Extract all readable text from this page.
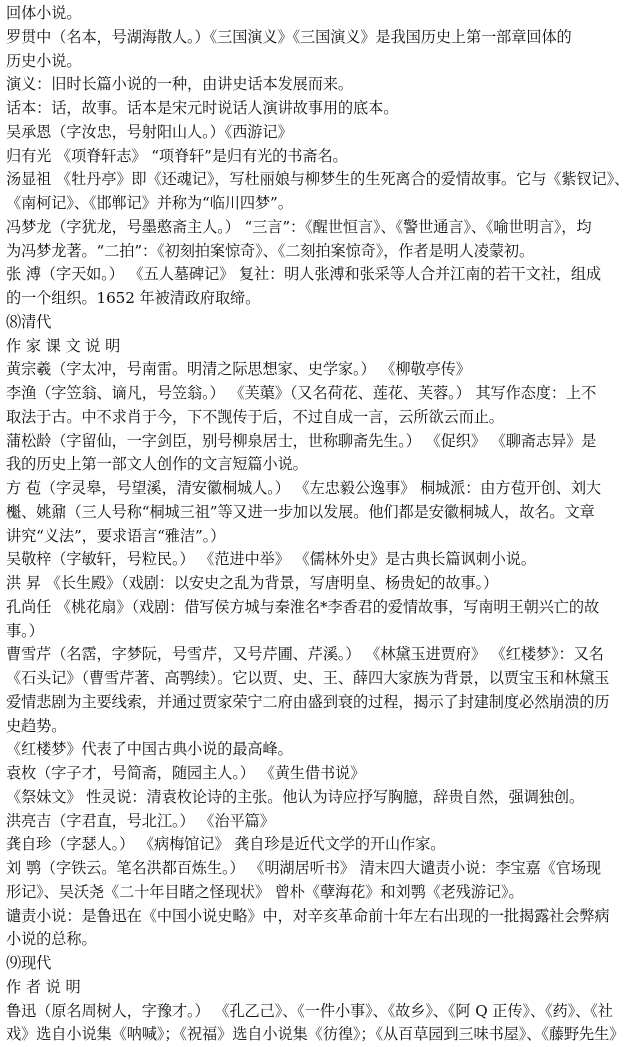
回体小说。
罗贯中（名本，号湖海散人。）《三国演义》《三国演义》是我国历史上第一部章回体的
历史小说。
演义：旧时长篇小说的一种，由讲史话本发展而来。
话本：话，故事。话本是宋元时说话人演讲故事用的底本。
吴承恩（字汝忠，号射阳山人。）《西游记》
归有光 《项脊轩志》 “项脊轩”是归有光的书斋名。
汤显祖 《牡丹亭》即《还魂记》，写杜丽娘与柳梦生的生死离合的爱情故事。它与《紫钗记》、
《南柯记》、《邯郸记》并称为“临川四梦”。
冯梦龙（字犹龙，号墨憨斋主人。） “三言”：《醒世恒言》、《警世通言》、《喻世明言》，均
为冯梦龙著。“二拍”：《初刻拍案惊奇》、《二刻拍案惊奇》，作者是明人凌蒙初。
张 溥（字天如。） 《五人墓碑记》 复社：明人张溥和张采等人合并江南的若干文社，组成
的一个组织。1652 年被清政府取缔。
⑻清代
作 家 课 文 说 明
黄宗羲（字太冲，号南雷。明清之际思想家、史学家。） 《柳敬亭传》
李渔（字笠翁、谪凡，号笠翁。） 《芙蕖》（又名荷花、莲花、芙蓉。） 其写作态度：上不
取法于古。中不求肖于今，下不觊传于后，不过自成一言，云所欲云而止。
蒲松龄（字留仙，一字剑臣，别号柳泉居士，世称聊斋先生。） 《促织》 《聊斋志异》是
我的历史上第一部文人创作的文言短篇小说。
方 苞（字灵皋，号望溪，清安徽桐城人。） 《左忠毅公逸事》 桐城派：由方苞开创、刘大
櫆、姚鼐（三人号称“桐城三祖”等又进一步加以发展。他们都是安徽桐城人，故名。文章
讲究“义法”，要求语言“雅洁”。）
吴敬梓（字敏轩，号粒民。） 《范进中举》 《儒林外史》是古典长篇讽刺小说。
洪 昇 《长生殿》（戏剧：以安史之乱为背景，写唐明皇、杨贵妃的故事。）
孔尚任 《桃花扇》（戏剧：借写侯方城与秦淮名*李香君的爱情故事，写南明王朝兴亡的故
事。）
曹雪芹（名霑，字梦阮，号雪芹，又号芹圃、芹溪。） 《林黛玉进贾府》 《红楼梦》：又名
《石头记》（曹雪芹著、高鹗续）。它以贾、史、王、薛四大家族为背景，以贾宝玉和林黛玉
爱情悲剧为主要线索，并通过贾家荣宁二府由盛到衰的过程，揭示了封建制度必然崩溃的历
史趋势。
《红楼梦》代表了中国古典小说的最高峰。
袁枚（字子才，号简斋，随园主人。） 《黄生借书说》
《祭妹文》 性灵说：清袁枚论诗的主张。他认为诗应抒写胸臆，辞贵自然，强调独创。
洪亮吉（字君直，号北江。） 《治平篇》
龚自珍（字瑟人。） 《病梅馆记》 龚自珍是近代文学的开山作家。
刘 鹗（字铁云。笔名洪都百炼生。） 《明湖居听书》 清末四大谴责小说：李宝嘉《官场现
形记》、吴沃尧《二十年目睹之怪现状》 曾朴《孽海花》和刘鹗《老残游记》。
谴责小说：是鲁迅在《中国小说史略》中，对辛亥革命前十年左右出现的一批揭露社会弊病
小说的总称。
⑼现代
作 者 说 明
鲁迅（原名周树人，字豫才。） 《孔乙己》、《一件小事》、《故乡》、《阿 Q 正传》、《药》、《社
戏》选自小说集《呐喊》；《祝福》选自小说集《彷徨》；《从百草园到三味书屋》、《藤野先生》
